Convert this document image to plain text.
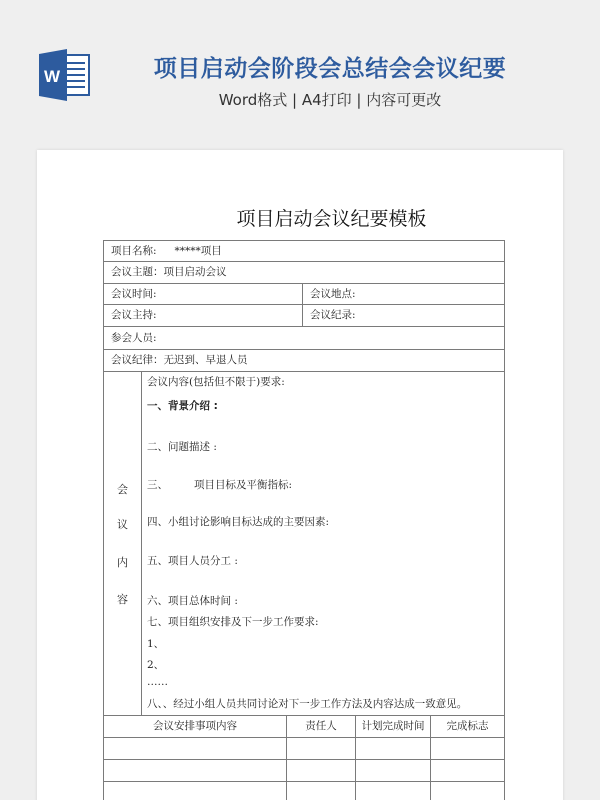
W	项目启动会阶段会总结会会议纪要
Word格式 | A4打印 | 内容可更改
项目启动会议纪要模板
项目名称: *****项目
会议主题：项目启动会议
会议时间:	会议地点:
会议主持:	会议纪录:
参会人员:
会议纪律：无迟到、早退人员
会
议
内
容
会议内容(包括但不限于)要求:
一、背景介绍 :
二、问题描述 :
三、 项目目标及平衡指标:
四、小组讨论影响目标达成的主要因素:
五、项目人员分工 :
六、项目总体时间 :
七、项目组织安排及下一步工作要求:
1、
2、
……
八、、经过小组人员共同讨论对下一步工作方法及内容达成一致意见。
会议安排事项内容	责任人	计划完成时间	完成标志
